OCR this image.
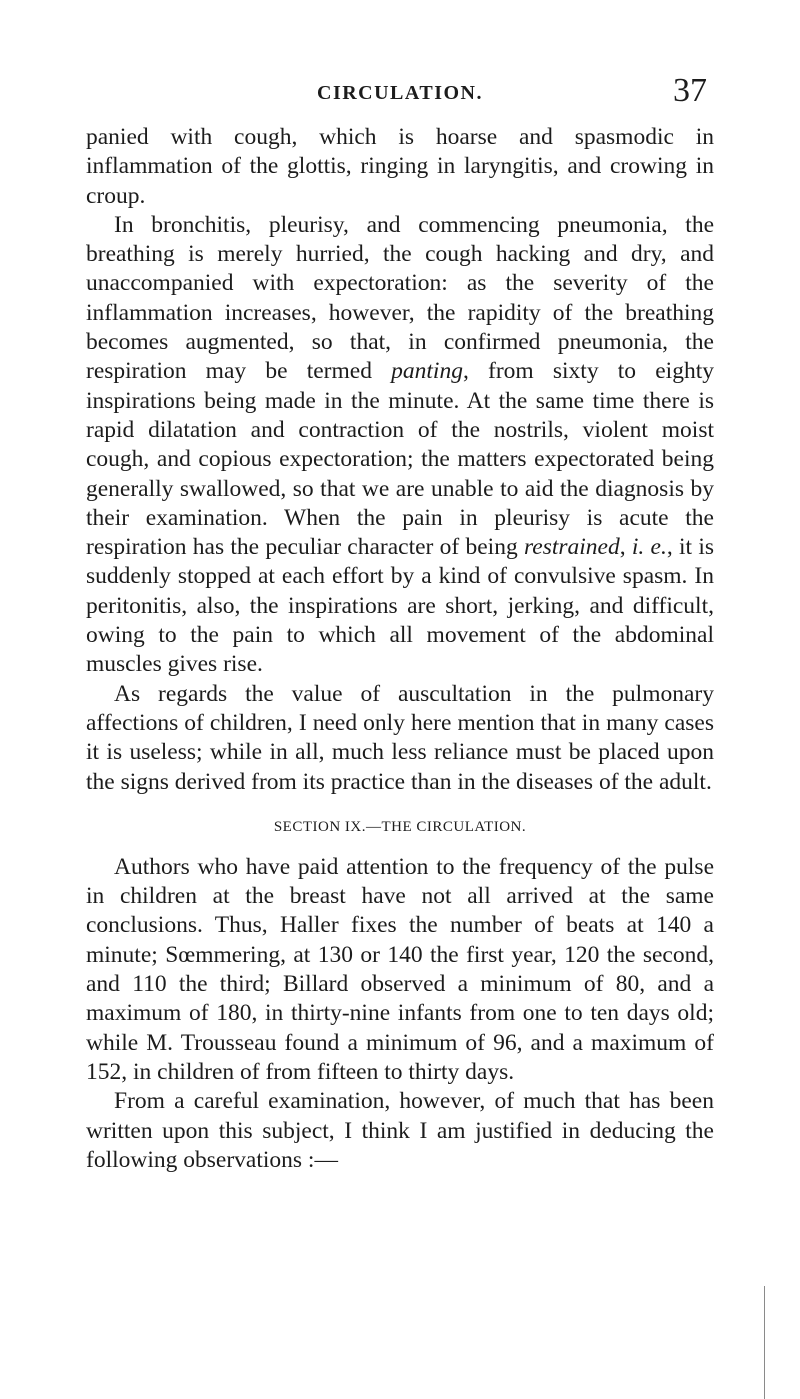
CIRCULATION.	37

panied with cough, which is hoarse and spasmodic in inflammation of the glottis, ringing in laryngitis, and crowing in croup.

In bronchitis, pleurisy, and commencing pneumonia, the breathing is merely hurried, the cough hacking and dry, and unaccompanied with expectoration: as the severity of the inflammation increases, however, the rapidity of the breathing becomes augmented, so that, in confirmed pneumonia, the respiration may be termed panting, from sixty to eighty inspirations being made in the minute. At the same time there is rapid dilatation and contraction of the nostrils, violent moist cough, and copious expectoration; the matters expectorated being generally swallowed, so that we are unable to aid the diagnosis by their examination. When the pain in pleurisy is acute the respiration has the peculiar character of being restrained, i. e., it is suddenly stopped at each effort by a kind of convulsive spasm. In peritonitis, also, the inspirations are short, jerking, and difficult, owing to the pain to which all movement of the abdominal muscles gives rise.

As regards the value of auscultation in the pulmonary affections of children, I need only here mention that in many cases it is useless; while in all, much less reliance must be placed upon the signs derived from its practice than in the diseases of the adult.

SECTION IX.—THE CIRCULATION.

Authors who have paid attention to the frequency of the pulse in children at the breast have not all arrived at the same conclusions. Thus, Haller fixes the number of beats at 140 a minute; Sœmmering, at 130 or 140 the first year, 120 the second, and 110 the third; Billard observed a minimum of 80, and a maximum of 180, in thirty-nine infants from one to ten days old; while M. Trousseau found a minimum of 96, and a maximum of 152, in children of from fifteen to thirty days.

From a careful examination, however, of much that has been written upon this subject, I think I am justified in deducing the following observations :—
